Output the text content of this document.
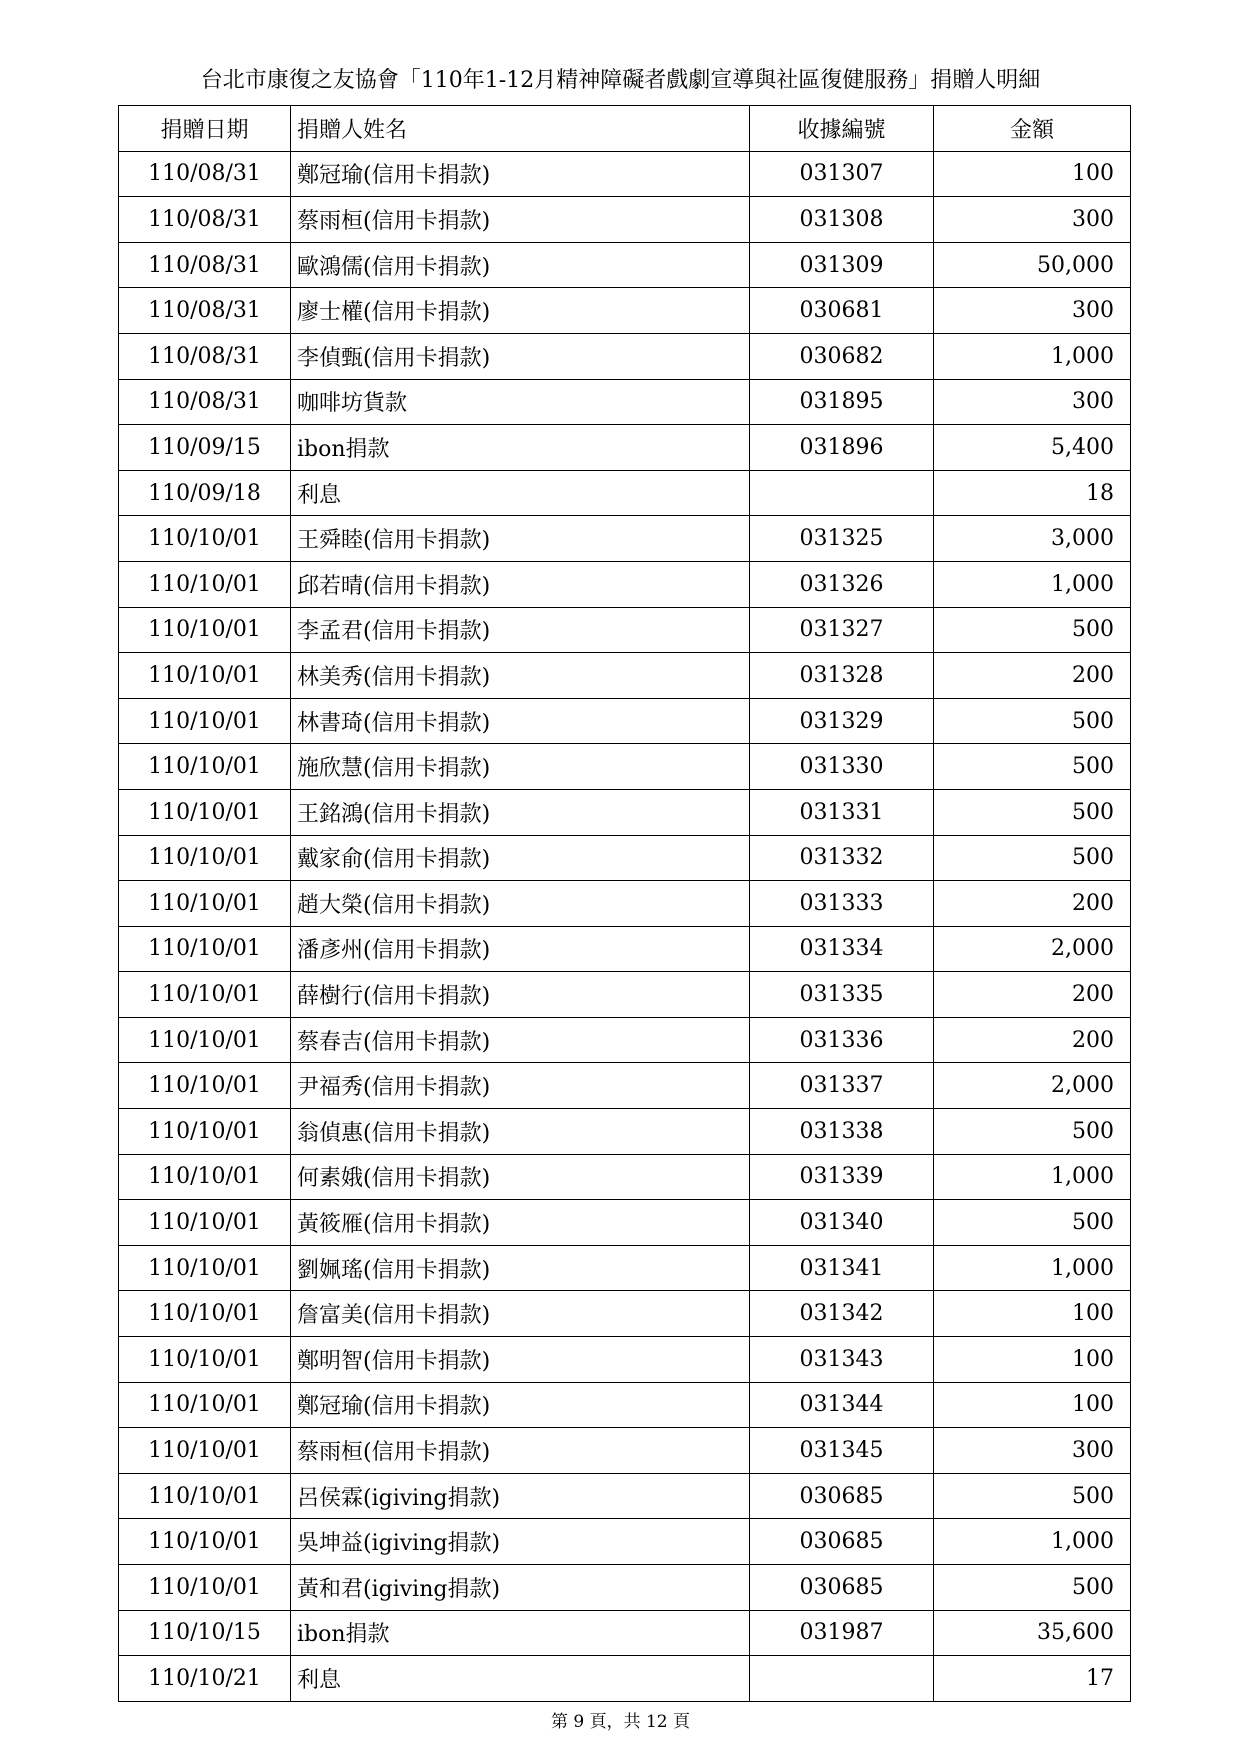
台北市康復之友協會「110年1-12月精神障礙者戲劇宣導與社區復健服務」捐贈人明細
捐贈日期	捐贈人姓名	收據編號	金額
110/08/31	鄭冠瑜(信用卡捐款)	031307	100
110/08/31	蔡雨桓(信用卡捐款)	031308	300
110/08/31	歐鴻儒(信用卡捐款)	031309	50,000
110/08/31	廖士權(信用卡捐款)	030681	300
110/08/31	李偵甄(信用卡捐款)	030682	1,000
110/08/31	咖啡坊貨款	031895	300
110/09/15	ibon捐款	031896	5,400
110/09/18	利息		18
110/10/01	王舜睦(信用卡捐款)	031325	3,000
110/10/01	邱若晴(信用卡捐款)	031326	1,000
110/10/01	李孟君(信用卡捐款)	031327	500
110/10/01	林美秀(信用卡捐款)	031328	200
110/10/01	林書琦(信用卡捐款)	031329	500
110/10/01	施欣慧(信用卡捐款)	031330	500
110/10/01	王銘鴻(信用卡捐款)	031331	500
110/10/01	戴家俞(信用卡捐款)	031332	500
110/10/01	趙大榮(信用卡捐款)	031333	200
110/10/01	潘彥州(信用卡捐款)	031334	2,000
110/10/01	薛樹行(信用卡捐款)	031335	200
110/10/01	蔡春吉(信用卡捐款)	031336	200
110/10/01	尹福秀(信用卡捐款)	031337	2,000
110/10/01	翁偵惠(信用卡捐款)	031338	500
110/10/01	何素娥(信用卡捐款)	031339	1,000
110/10/01	黃筱雁(信用卡捐款)	031340	500
110/10/01	劉姵瑤(信用卡捐款)	031341	1,000
110/10/01	詹富美(信用卡捐款)	031342	100
110/10/01	鄭明智(信用卡捐款)	031343	100
110/10/01	鄭冠瑜(信用卡捐款)	031344	100
110/10/01	蔡雨桓(信用卡捐款)	031345	300
110/10/01	呂侯霖(igiving捐款)	030685	500
110/10/01	吳坤益(igiving捐款)	030685	1,000
110/10/01	黃和君(igiving捐款)	030685	500
110/10/15	ibon捐款	031987	35,600
110/10/21	利息		17
第 9 頁，共 12 頁
